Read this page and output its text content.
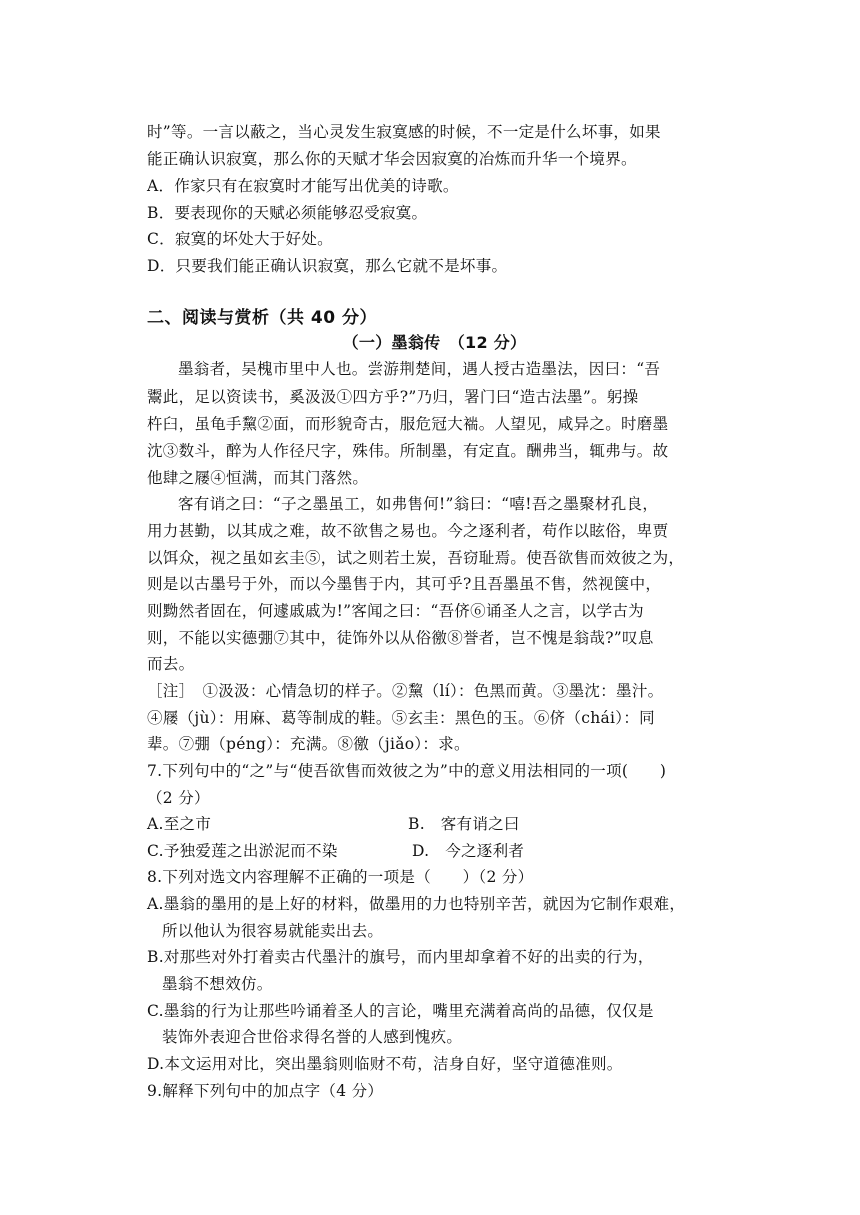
时”等。一言以蔽之，当心灵发生寂寞感的时候，不一定是什么坏事，如果
能正确认识寂寞，那么你的天赋才华会因寂寞的冶炼而升华一个境界。
A．作家只有在寂寞时才能写出优美的诗歌。
B．要表现你的天赋必须能够忍受寂寞。
C．寂寞的坏处大于好处。
D．只要我们能正确认识寂寞，那么它就不是坏事。
二、阅读与赏析（共 40 分）
（一）墨翁传　（12 分）
墨翁者，吴槐市里中人也。尝游荆楚间，遇人授古造墨法，因曰：“吾
鬻此，足以资读书，奚汲汲①四方乎?”乃归，署门曰“造古法墨”。躬操
杵臼，虽龟手黧②面，而形貌奇古，服危冠大褍。人望见，咸异之。时磨墨
沈③数斗，醉为人作径尺字，殊伟。所制墨，有定直。酬弗当，辄弗与。故
他肆之屦④恒满，而其门落然。
客有诮之曰：“子之墨虽工，如弗售何!”翁曰：“嘻!吾之墨聚材孔良，
用力甚勤，以其成之难，故不欲售之易也。今之逐利者，苟作以眩俗，卑贾
以饵众，视之虽如玄圭⑤，试之则若土炭，吾窃耻焉。使吾欲售而效彼之为，
则是以古墨号于外，而以今墨售于内，其可乎?且吾墨虽不售，然视箧中，
则黝然者固在，何遽戚戚为!”客闻之曰：“吾侪⑥诵圣人之言，以学古为
则，不能以实德弸⑦其中，徒饰外以从俗徼⑧誉者，岂不愧是翁哉?”叹息
而去。
［注］　①汲汲：心情急切的样子。②黧（lí）：色黑而黄。③墨沈：墨汁。
④屦（jù）：用麻、葛等制成的鞋。⑤玄圭：黑色的玉。⑥侪（chái）：同
辈。⑦弸（péng）：充满。⑧徼（jiǎo）：求。
7.下列句中的“之”与“使吾欲售而效彼之为”中的意义用法相同的一项(　　)
（2 分）
A.至之市	B.　客有诮之曰
C.予独爱莲之出淤泥而不染	D.　今之逐利者
8.下列对选文内容理解不正确的一项是（　　）（2 分）
A.墨翁的墨用的是上好的材料，做墨用的力也特别辛苦，就因为它制作艰难，
所以他认为很容易就能卖出去。
B.对那些对外打着卖古代墨汁的旗号，而内里却拿着不好的出卖的行为，
墨翁不想效仿。
C.墨翁的行为让那些吟诵着圣人的言论，嘴里充满着高尚的品德，仅仅是
装饰外表迎合世俗求得名誉的人感到愧疚。
D.本文运用对比，突出墨翁则临财不苟，洁身自好，坚守道德准则。
9.解释下列句中的加点字（4 分）
